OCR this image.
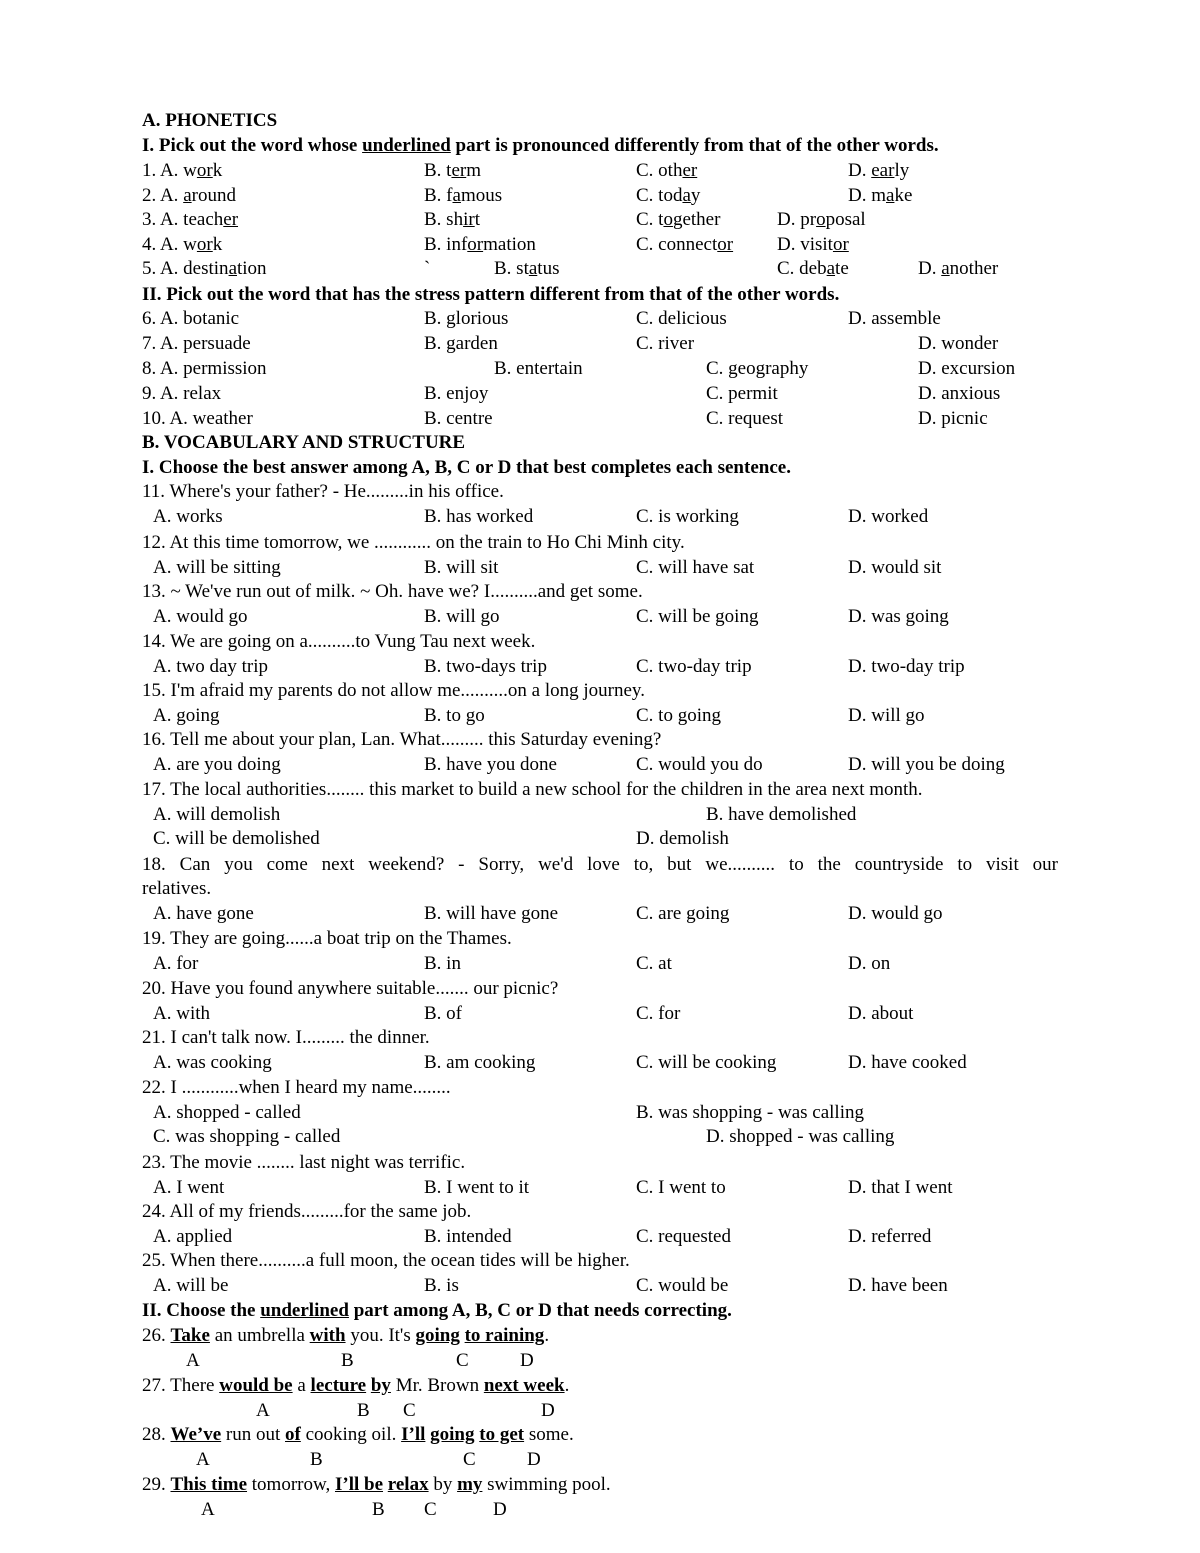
A. PHONETICS
I. Pick out the word whose underlined part is pronounced differently from that of the other words.
1. A. work	B. term	C. other	D. early
2. A. around	B. famous	C. today	D. make
3. A. teacher	B. shirt	C. together	D. proposal
4. A. work	B. information	C. connector D. visitor
5. A. destination	B. status	C. debate	D. another
`
II. Pick out the word that has the stress pattern different from that of the other words.
6. A. botanic	B. glorious	C. delicious	D. assemble
7. A. persuade	B. garden	C. river	D. wonder
8. A. permission	B. entertain	C. geography	D. excursion
9. A. relax	B. enjoy	C. permit	D. anxious
10. A. weather	B. centre	C. request	D. picnic
B. VOCABULARY AND STRUCTURE
I. Choose the best answer among A, B, C or D that best completes each sentence.
11. Where's your father? - He.........in his office.
A. works	B. has worked	C. is working	D. worked
12. At this time tomorrow, we ............ on the train to Ho Chi Minh city.
A. will be sitting	B. will sit	C. will have sat	D. would sit
13. ~ We've run out of milk. ~ Oh. have we? I..........and get some.
A. would go	B. will go	C. will be going	D. was going
14. We are going on a..........to Vung Tau next week.
A. two day trip	B. two-days trip	C. two-day trip	D. two-day trip
15. I'm afraid my parents do not allow me..........on a long journey.
A. going	B. to go	C. to going	D. will go
16. Tell me about your plan, Lan. What......... this Saturday evening?
A. are you doing	B. have you done	C. would you do	D. will you be doing
17. The local authorities........ this market to build a new school for the children in the area next month.
A. will demolish	B. have demolished
C. will be demolished	D. demolish
18. Can you come next weekend? - Sorry, we'd love to, but we.......... to the countryside to visit our
relatives.
A. have gone	B. will have gone	C. are going	D. would go
19. They are going......a boat trip on the Thames.
A. for	B. in	C. at	D. on
20. Have you found anywhere suitable....... our picnic?
A. with	B. of	C. for	D. about
21. I can't talk now. I......... the dinner.
A. was cooking	B. am cooking	C. will be cooking	D. have cooked
22. I ............when I heard my name........
A. shopped - called	B. was shopping - was calling
C. was shopping - called	D. shopped - was calling
23. The movie ........ last night was terrific.
A. I went	B. I went to it	C. I went to	D. that I went
24. All of my friends.........for the same job.
A. applied	B. intended	C. requested	D. referred
25. When there..........a full moon, the ocean tides will be higher.
A. will be	B. is	C. would be	D. have been
II. Choose the underlined part among A, B, C or D that needs correcting.
26. Take an umbrella with you. It's going to raining.
A	B	C	D
27. There would be a lecture by Mr. Brown next week.
A	B C	D
28. We’ve run out of cooking oil. I’ll going to get some.
A	B	C	D
29. This time tomorrow, I’ll be relax by my swimming pool.
A	B C	D
